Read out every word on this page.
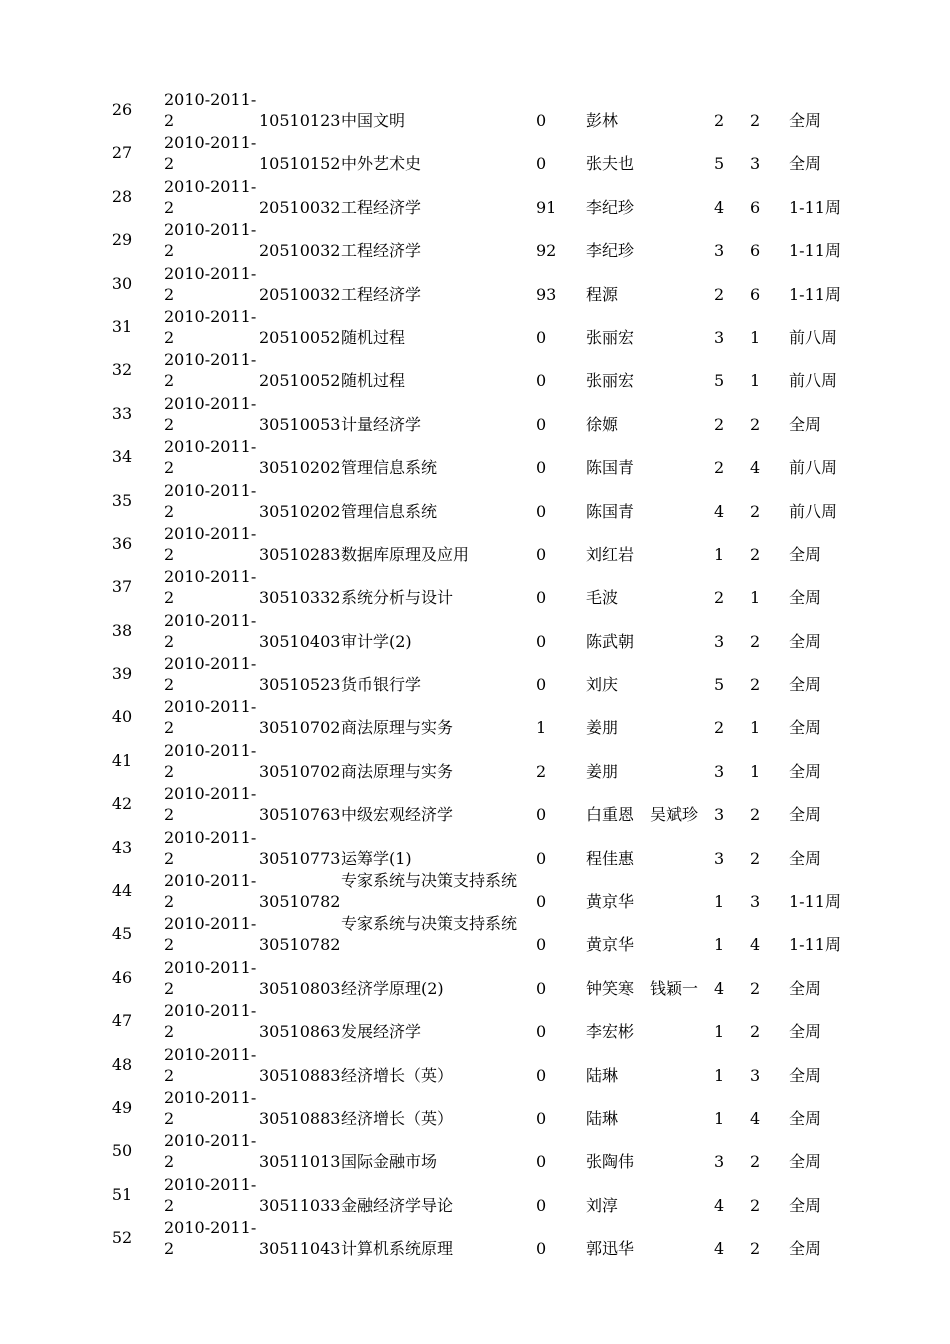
26
2010-2011-
2	10510123 中国文明	0 彭林	2 2 全周
27
2010-2011-
2	10510152 中外艺术史	0 张夫也	5 3 全周
28
2010-2011-
2	20510032 工程经济学	91 李纪珍	4 6 1-11周
29
2010-2011-
2	20510032 工程经济学	92 李纪珍	3 6 1-11周
30
2010-2011-
2	20510032 工程经济学	93 程源	2 6 1-11周
31
2010-2011-
2	20510052 随机过程	0 张丽宏	3 1 前八周
32
2010-2011-
2	20510052 随机过程	0 张丽宏	5 1 前八周
33
2010-2011-
2	30510053 计量经济学	0 徐嫄	2 2 全周
34
2010-2011-
2	30510202 管理信息系统	0 陈国青	2 4 前八周
35
2010-2011-
2	30510202 管理信息系统	0 陈国青	4 2 前八周
36
2010-2011-
2	30510283 数据库原理及应用	0 刘红岩	1 2 全周
37
2010-2011-
2	30510332 系统分析与设计	0 毛波	2 1 全周
38
2010-2011-
2	30510403 审计学(2)	0 陈武朝	3 2 全周
39
2010-2011-
2	30510523 货币银行学	0 刘庆	5 2 全周
40
2010-2011-
2	30510702 商法原理与实务	1 姜朋	2 1 全周
41
2010-2011-
2	30510702 商法原理与实务	2 姜朋	3 1 全周
42
2010-2011-
2	30510763 中级宏观经济学	0 白重恩　吴斌珍 3 2 全周
43
2010-2011-
2	30510773 运筹学(1)	0 程佳惠	3 2 全周
44
2010-2011-
2	30510782
专家系统与决策支持系统
0 黄京华	1 3 1-11周
45
2010-2011-
2	30510782
专家系统与决策支持系统
0 黄京华	1 4 1-11周
46
2010-2011-
2	30510803 经济学原理(2)	0 钟笑寒　钱颖一 4 2 全周
47
2010-2011-
2	30510863 发展经济学	0 李宏彬	1 2 全周
48
2010-2011-
2	30510883 经济增长（英）	0 陆琳	1 3 全周
49
2010-2011-
2	30510883 经济增长（英）	0 陆琳	1 4 全周
50
2010-2011-
2	30511013 国际金融市场	0 张陶伟	3 2 全周
51
2010-2011-
2	30511033 金融经济学导论	0 刘淳	4 2 全周
52
2010-2011-
2	30511043 计算机系统原理	0 郭迅华	4 2 全周
